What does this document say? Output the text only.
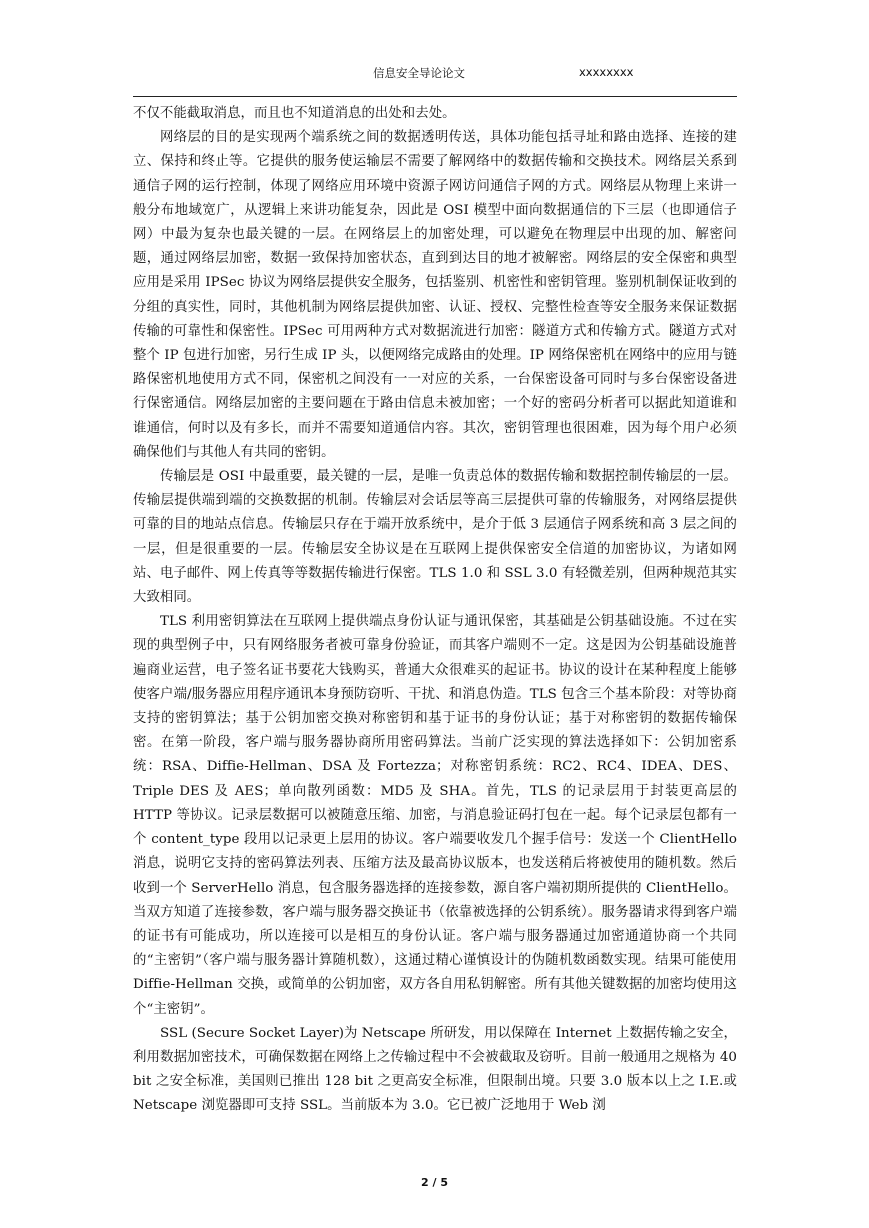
信息安全导论论文	xxxxxxxx

不仅不能截取消息，而且也不知道消息的出处和去处。

网络层的目的是实现两个端系统之间的数据透明传送，具体功能包括寻址和路由选择、连接的建立、保持和终止等。它提供的服务使运输层不需要了解网络中的数据传输和交换技术。网络层关系到通信子网的运行控制，体现了网络应用环境中资源子网访问通信子网的方式。网络层从物理上来讲一般分布地域宽广，从逻辑上来讲功能复杂，因此是 OSI 模型中面向数据通信的下三层（也即通信子网）中最为复杂也最关键的一层。在网络层上的加密处理，可以避免在物理层中出现的加、解密问题，通过网络层加密，数据一致保持加密状态，直到到达目的地才被解密。网络层的安全保密和典型应用是采用 IPSec 协议为网络层提供安全服务，包括鉴别、机密性和密钥管理。鉴别机制保证收到的分组的真实性，同时，其他机制为网络层提供加密、认证、授权、完整性检查等安全服务来保证数据传输的可靠性和保密性。IPSec 可用两种方式对数据流进行加密：隧道方式和传输方式。隧道方式对整个 IP 包进行加密，另行生成 IP 头，以便网络完成路由的处理。IP 网络保密机在网络中的应用与链路保密机地使用方式不同，保密机之间没有一一对应的关系，一台保密设备可同时与多台保密设备进行保密通信。网络层加密的主要问题在于路由信息未被加密；一个好的密码分析者可以据此知道谁和谁通信，何时以及有多长，而并不需要知道通信内容。其次，密钥管理也很困难，因为每个用户必须确保他们与其他人有共同的密钥。

传输层是 OSI 中最重要，最关键的一层，是唯一负责总体的数据传输和数据控制传输层的一层。传输层提供端到端的交换数据的机制。传输层对会话层等高三层提供可靠的传输服务，对网络层提供可靠的目的地站点信息。传输层只存在于端开放系统中，是介于低 3 层通信子网系统和高 3 层之间的一层，但是很重要的一层。传输层安全协议是在互联网上提供保密安全信道的加密协议，为诸如网站、电子邮件、网上传真等等数据传输进行保密。TLS 1.0 和 SSL 3.0 有轻微差别，但两种规范其实大致相同。

TLS 利用密钥算法在互联网上提供端点身份认证与通讯保密，其基础是公钥基础设施。不过在实现的典型例子中，只有网络服务者被可靠身份验证，而其客户端则不一定。这是因为公钥基础设施普遍商业运营，电子签名证书要花大钱购买，普通大众很难买的起证书。协议的设计在某种程度上能够使客户端/服务器应用程序通讯本身预防窃听、干扰、和消息伪造。TLS 包含三个基本阶段：对等协商支持的密钥算法；基于公钥加密交换对称密钥和基于证书的身份认证；基于对称密钥的数据传输保密。在第一阶段，客户端与服务器协商所用密码算法。当前广泛实现的算法选择如下：公钥加密系统：RSA、Diffie-Hellman、DSA 及 Fortezza；对称密钥系统：RC2、RC4、IDEA、DES、Triple DES 及 AES；单向散列函数：MD5 及 SHA。首先，TLS 的记录层用于封装更高层的 HTTP 等协议。记录层数据可以被随意压缩、加密，与消息验证码打包在一起。每个记录层包都有一个 content_type 段用以记录更上层用的协议。客户端要收发几个握手信号：发送一个 ClientHello 消息，说明它支持的密码算法列表、压缩方法及最高协议版本，也发送稍后将被使用的随机数。然后收到一个 ServerHello 消息，包含服务器选择的连接参数，源自客户端初期所提供的 ClientHello。当双方知道了连接参数，客户端与服务器交换证书（依靠被选择的公钥系统）。服务器请求得到客户端的证书有可能成功，所以连接可以是相互的身份认证。客户端与服务器通过加密通道协商一个共同的“主密钥”（客户端与服务器计算随机数），这通过精心谨慎设计的伪随机数函数实现。结果可能使用 Diffie-Hellman 交换，或简单的公钥加密，双方各自用私钥解密。所有其他关键数据的加密均使用这个“主密钥”。

SSL (Secure Socket Layer)为 Netscape 所研发，用以保障在 Internet 上数据传输之安全，利用数据加密技术，可确保数据在网络上之传输过程中不会被截取及窃听。目前一般通用之规格为 40 bit 之安全标准，美国则已推出 128 bit 之更高安全标准，但限制出境。只要 3.0 版本以上之 I.E.或 Netscape 浏览器即可支持 SSL。当前版本为 3.0。它已被广泛地用于 Web 浏

2 / 5
